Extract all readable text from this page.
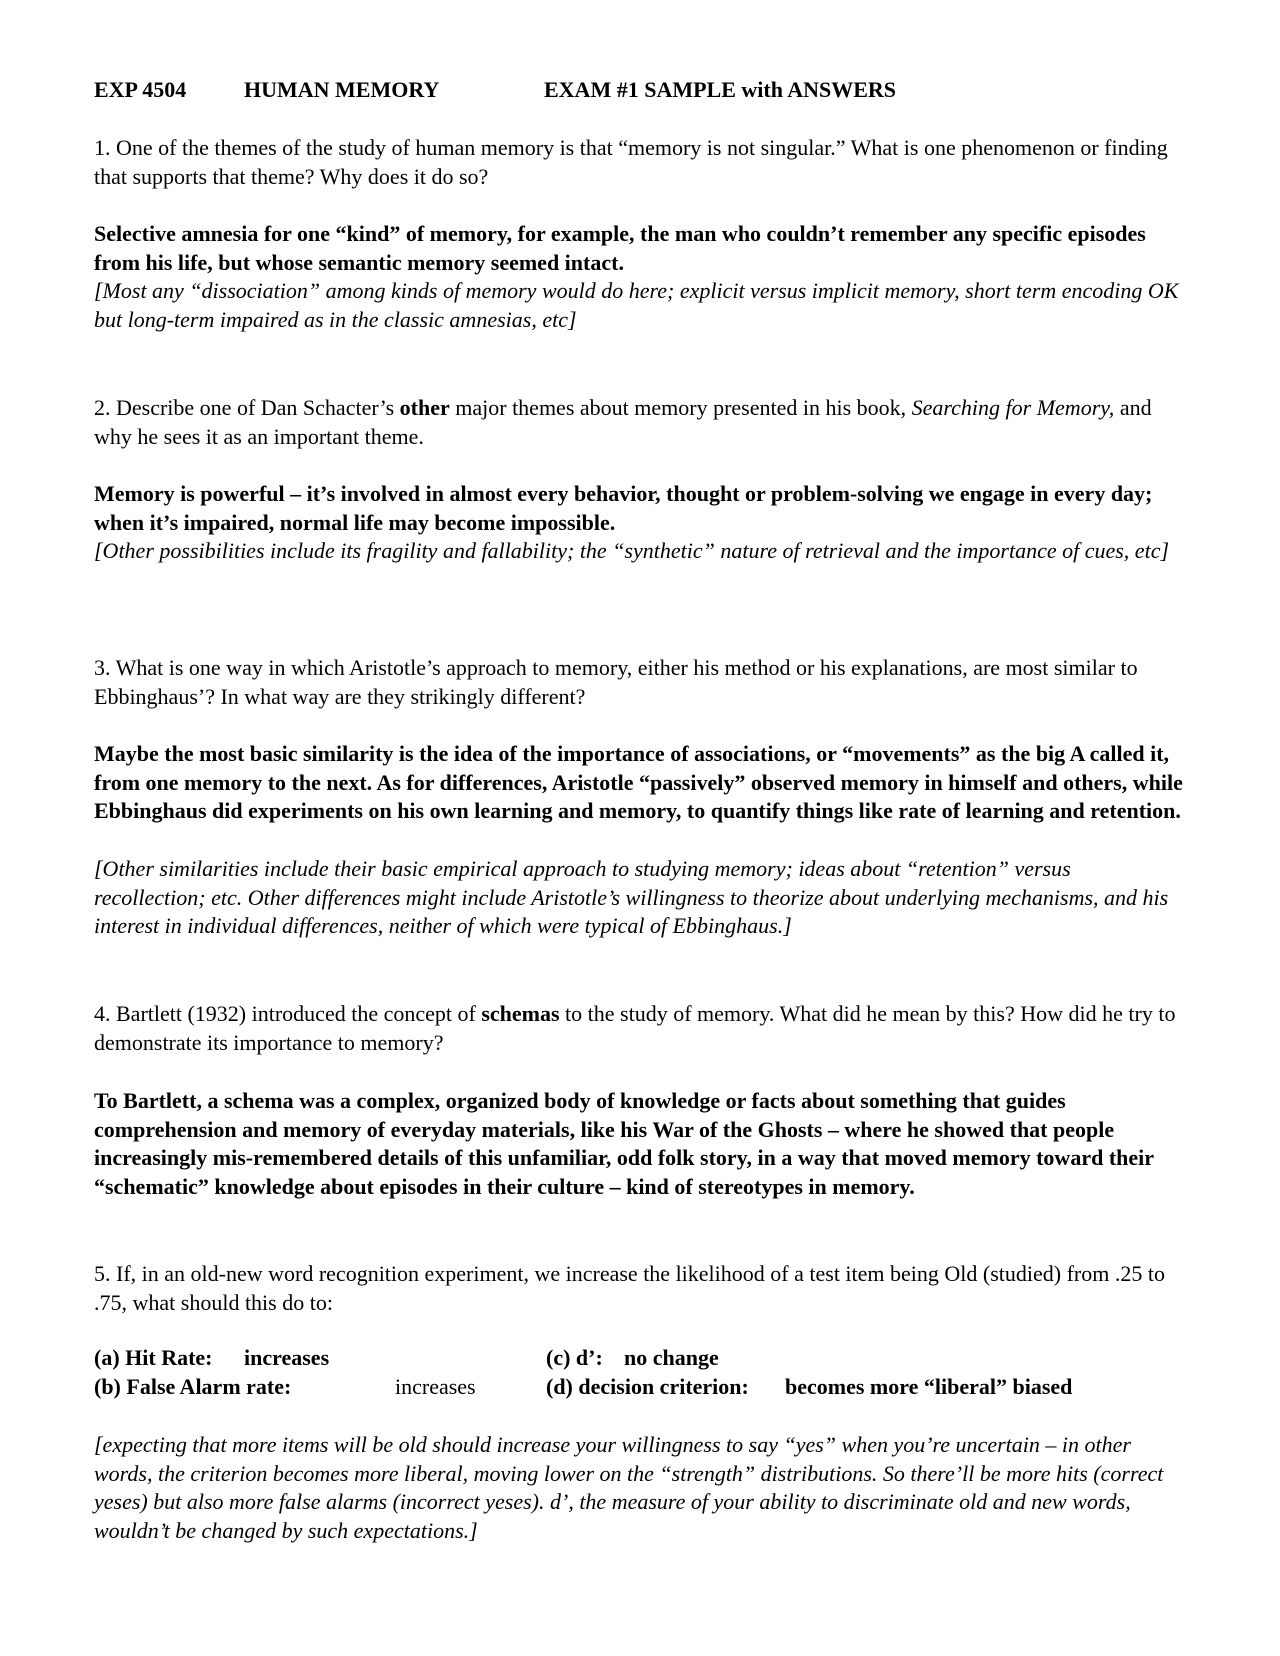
EXP 4504	HUMAN MEMORY	EXAM #1 SAMPLE with ANSWERS

1. One of the themes of the study of human memory is that “memory is not singular.” What is one phenomenon or finding that supports that theme? Why does it do so?

Selective amnesia for one “kind” of memory, for example, the man who couldn’t remember any specific episodes from his life, but whose semantic memory seemed intact.

[Most any “dissociation” among kinds of memory would do here; explicit versus implicit memory, short term encoding OK but long-term impaired as in the classic amnesias, etc]

2. Describe one of Dan Schacter’s other major themes about memory presented in his book, Searching for Memory, and why he sees it as an important theme.

Memory is powerful – it’s involved in almost every behavior, thought or problem-solving we engage in every day; when it’s impaired, normal life may become impossible.

[Other possibilities include its fragility and fallability; the “synthetic” nature of retrieval and the importance of cues, etc]

3. What is one way in which Aristotle’s approach to memory, either his method or his explanations, are most similar to Ebbinghaus’? In what way are they strikingly different?

Maybe the most basic similarity is the idea of the importance of associations, or “movements” as the big A called it, from one memory to the next. As for differences, Aristotle “passively” observed memory in himself and others, while Ebbinghaus did experiments on his own learning and memory, to quantify things like rate of learning and retention.

[Other similarities include their basic empirical approach to studying memory; ideas about “retention” versus recollection; etc. Other differences might include Aristotle’s willingness to theorize about underlying mechanisms, and his interest in individual differences, neither of which were typical of Ebbinghaus.]

4. Bartlett (1932) introduced the concept of schemas to the study of memory. What did he mean by this? How did he try to demonstrate its importance to memory?

To Bartlett, a schema was a complex, organized body of knowledge or facts about something that guides comprehension and memory of everyday materials, like his War of the Ghosts – where he showed that people increasingly mis-remembered details of this unfamiliar, odd folk story, in a way that moved memory toward their “schematic” knowledge about episodes in their culture – kind of stereotypes in memory.

5. If, in an old-new word recognition experiment, we increase the likelihood of a test item being Old (studied) from .25 to .75, what should this do to:

(a) Hit Rate: increases	(c) d’: no change
(b) False Alarm rate:	increases	(d) decision criterion: becomes more “liberal” biased

[expecting that more items will be old should increase your willingness to say “yes” when you’re uncertain – in other words, the criterion becomes more liberal, moving lower on the “strength” distributions. So there’ll be more hits (correct yeses) but also more false alarms (incorrect yeses). d’, the measure of your ability to discriminate old and new words, wouldn’t be changed by such expectations.]
